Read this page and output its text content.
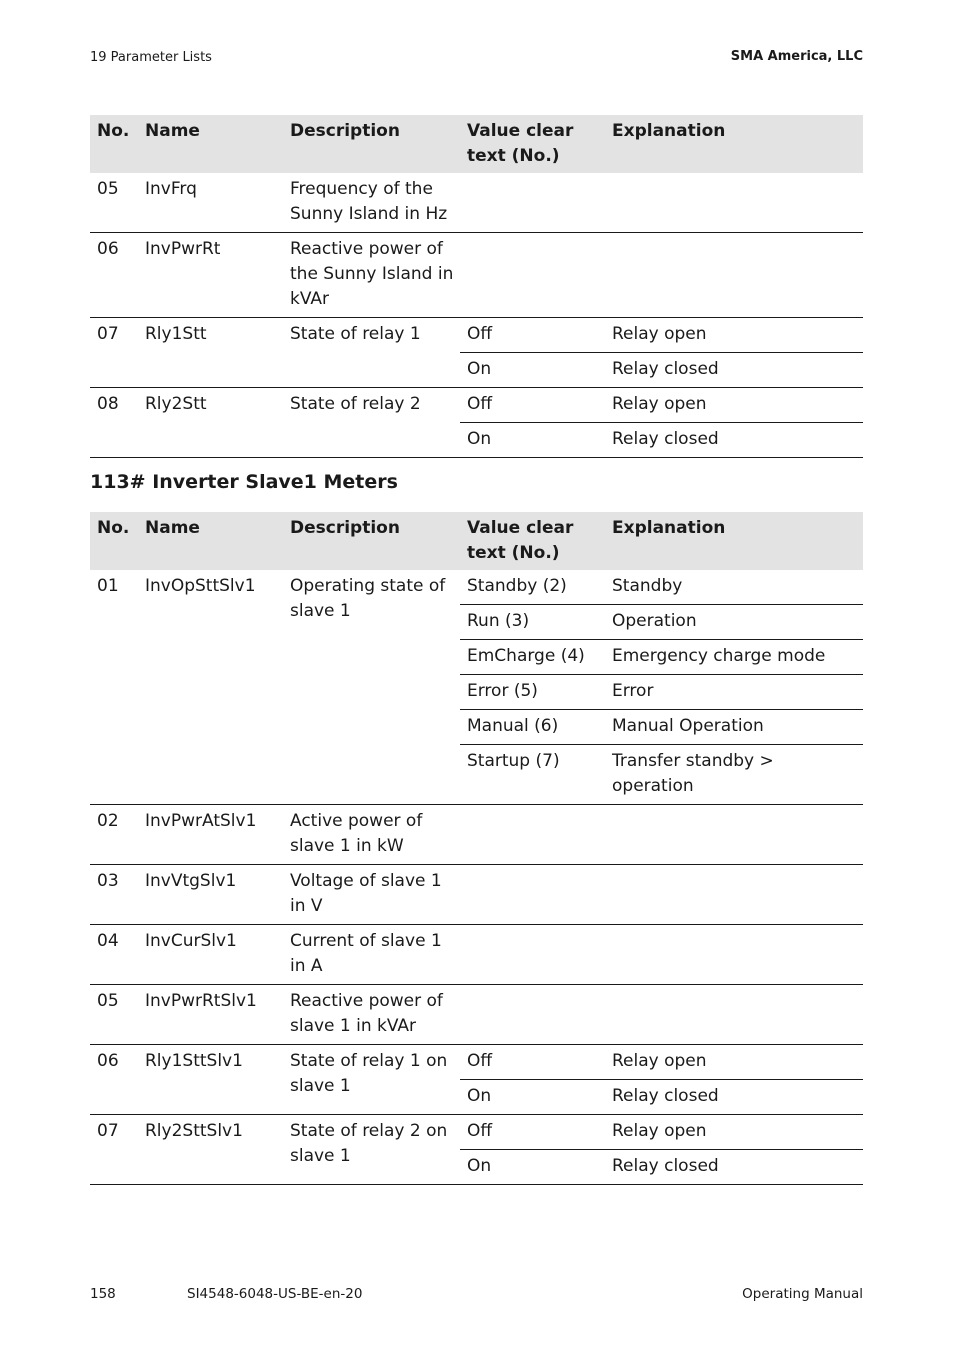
19 Parameter Lists	SMA America, LLC
No.	Name	Description	Value clear text (No.)	Explanation
05	InvFrq	Frequency of the Sunny Island in Hz		
06	InvPwrRt	Reactive power of the Sunny Island in kVAr		
07	Rly1Stt	State of relay 1	Off	Relay open
			On	Relay closed
08	Rly2Stt	State of relay 2	Off	Relay open
			On	Relay closed
113# Inverter Slave1 Meters
No.	Name	Description	Value clear text (No.)	Explanation
01	InvOpSttSlv1	Operating state of slave 1	Standby (2)	Standby
			Run (3)	Operation
			EmCharge (4)	Emergency charge mode
			Error (5)	Error
			Manual (6)	Manual Operation
			Startup (7)	Transfer standby > operation
02	InvPwrAtSlv1	Active power of slave 1 in kW		
03	InvVtgSlv1	Voltage of slave 1 in V		
04	InvCurSlv1	Current of slave 1 in A		
05	InvPwrRtSlv1	Reactive power of slave 1 in kVAr		
06	Rly1SttSlv1	State of relay 1 on slave 1	Off	Relay open
			On	Relay closed
07	Rly2SttSlv1	State of relay 2 on slave 1	Off	Relay open
			On	Relay closed
158	SI4548-6048-US-BE-en-20	Operating Manual
